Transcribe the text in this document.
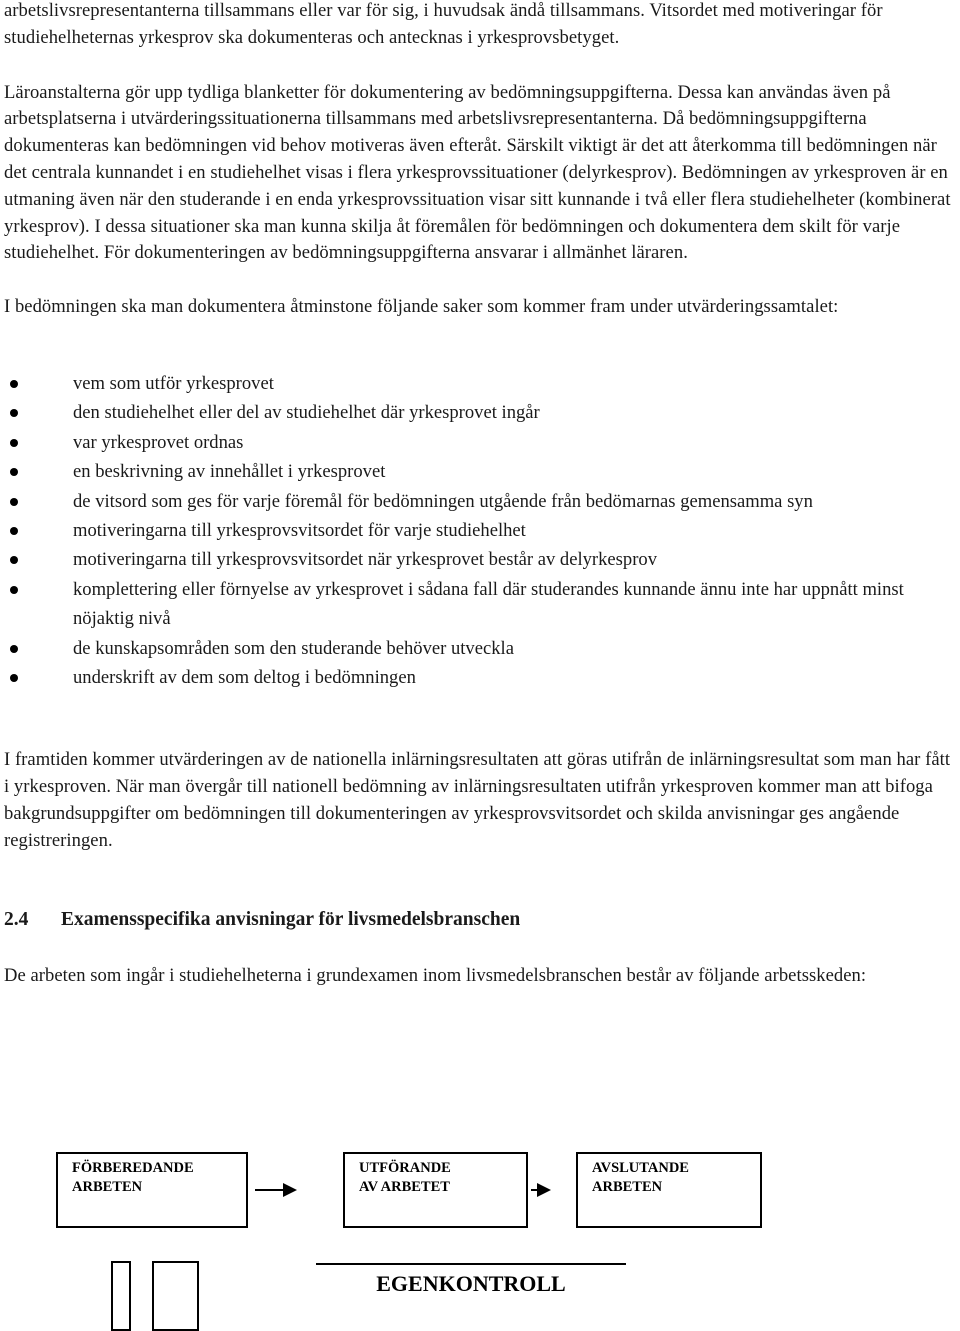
arbetslivsrepresentanterna tillsammans eller var för sig, i huvudsak ändå tillsammans. Vitsordet med motiveringar för studiehelheternas yrkesprov ska dokumenteras och antecknas i yrkesprovsbetyget.

Läroanstalterna gör upp tydliga blanketter för dokumentering av bedömningsuppgifterna. Dessa kan användas även på arbetsplatserna i utvärderingssituationerna tillsammans med arbetslivsrepresentanterna. Då bedömningsuppgifterna dokumenteras kan bedömningen vid behov motiveras även efteråt. Särskilt viktigt är det att återkomma till bedömningen när det centrala kunnandet i en studiehelhet visas i flera yrkesprovssituationer (delyrkesprov). Bedömningen av yrkesproven är en utmaning även när den studerande i en enda yrkesprovssituation visar sitt kunnande i två eller flera studiehelheter (kombinerat yrkesprov). I dessa situationer ska man kunna skilja åt föremålen för bedömningen och dokumentera dem skilt för varje studiehelhet. För dokumenteringen av bedömningsuppgifterna ansvarar i allmänhet läraren.

I bedömningen ska man dokumentera åtminstone följande saker som kommer fram under utvärderingssamtalet:

vem som utför yrkesprovet
den studiehelhet eller del av studiehelhet där yrkesprovet ingår
var yrkesprovet ordnas
en beskrivning av innehållet i yrkesprovet
de vitsord som ges för varje föremål för bedömningen utgående från bedömarnas gemensamma syn
motiveringarna till yrkesprovsvitsordet för varje studiehelhet
motiveringarna till yrkesprovsvitsordet när yrkesprovet består av delyrkesprov
komplettering eller förnyelse av yrkesprovet i sådana fall där studerandes kunnande ännu inte har uppnått minst nöjaktig nivå
de kunskapsområden som den studerande behöver utveckla
underskrift av dem som deltog i bedömningen

I framtiden kommer utvärderingen av de nationella inlärningsresultaten att göras utifrån de inlärningsresultat som man har fått i yrkesproven. När man övergår till nationell bedömning av inlärningsresultaten utifrån yrkesproven kommer man att bifoga bakgrundsuppgifter om bedömningen till dokumenteringen av yrkesprovsvitsordet och skilda anvisningar ges angående registreringen.

2.4	Examensspecifika anvisningar för livsmedelsbranschen

De arbeten som ingår i studiehelheterna i grundexamen inom livsmedelsbranschen består av följande arbetsskeden:

FÖRBEREDANDE
ARBETEN
UTFÖRANDE
AV ARBETET
AVSLUTANDE
ARBETEN
EGENKONTROLL
